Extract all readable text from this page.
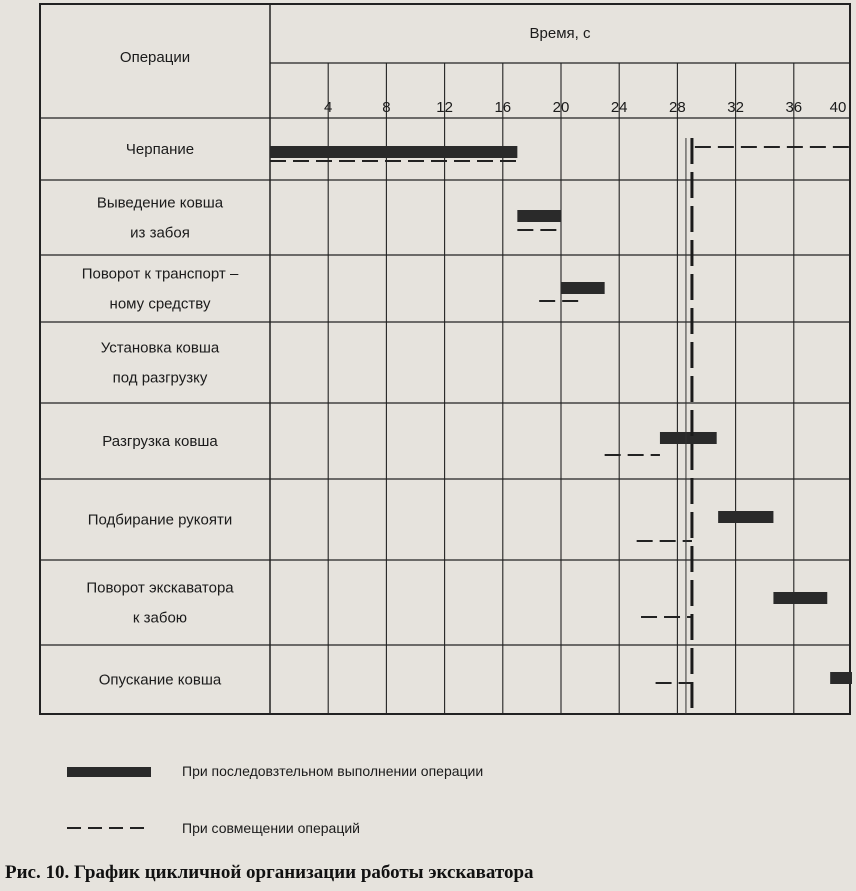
4	8	12	16	20	24	28	32	36 40
Операции
Время, с
Черпание
Выведение ковша
из забоя
Поворот к транспорт –
ному средству
Установка ковша
под разгрузку
Разгрузка ковша
Подбирание рукояти
Поворот экскаватора
к забою
Опускание ковша
При последовзтельном выполнении операции
При совмещении операций
Рис. 10. График цикличной организации работы экскаватора
